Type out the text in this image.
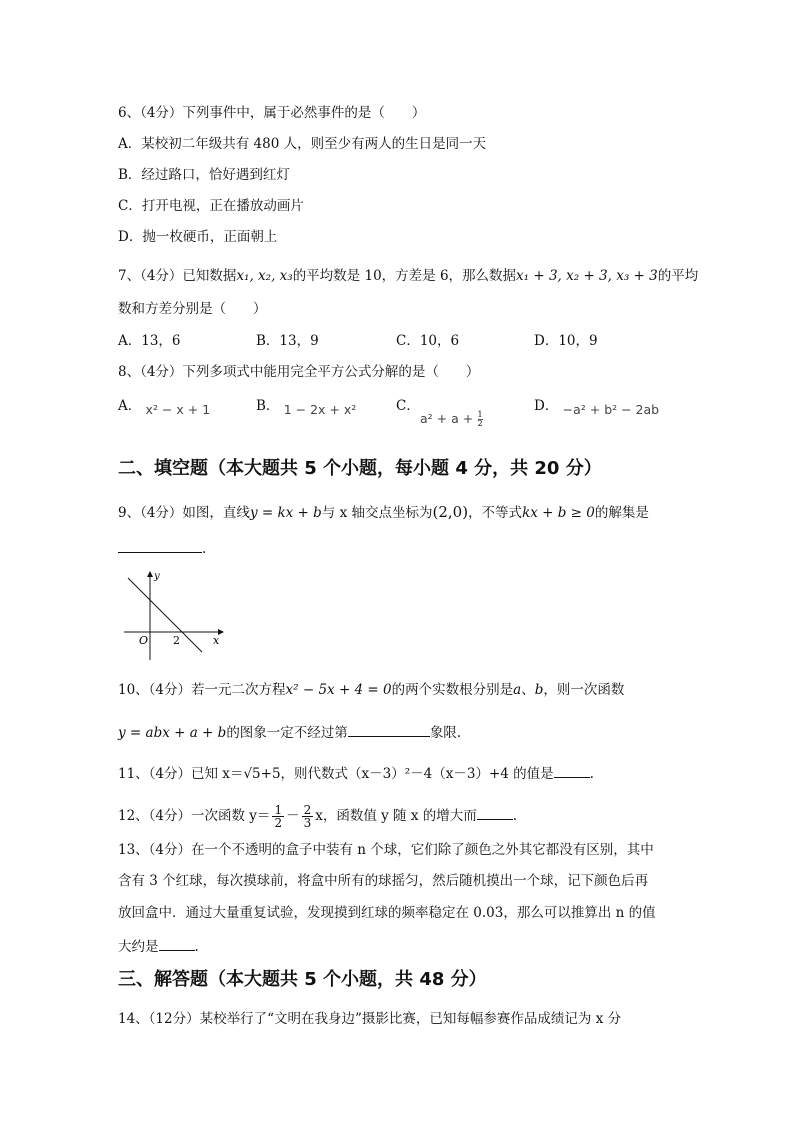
6、（4分）下列事件中，属于必然事件的是（　　）
A．某校初二年级共有 480 人，则至少有两人的生日是同一天
B．经过路口，恰好遇到红灯
C．打开电视，正在播放动画片
D．抛一枚硬币，正面朝上
7、（4分）已知数据x₁, x₂, x₃的平均数是 10，方差是 6，那么数据x₁ + 3, x₂ + 3, x₃ + 3的平均
数和方差分别是（　　）
A．13，6	B．13，9	C．10，6	D．10，9
8、（4分）下列多项式中能用完全平方公式分解的是（　　）
A． x² − x + 1	B． 1 − 2x + x²	C．
$a^2 + a + \frac{1}{2}$
D． −a² + b² − 2ab
二、填空题（本大题共 5 个小题，每小题 4 分，共 20 分）
9、（4分）如图，直线y = kx + b与 x 轴交点坐标为(2,0)，不等式kx + b ≥ 0的解集是
.
y
x
O 2
10、（4分）若一元二次方程x² − 5x + 4 = 0的两个实数根分别是a、b，则一次函数
y = abx + a + b的图象一定不经过第	象限.
11、（4分）已知 x＝√5+5，则代数式（x－3）²－4（x－3）+4 的值是	.
12、（4分）一次函数 $y= \frac{1}{2} - \frac{2}{3}$ x，函数值 y 随 x 的增大而	.
13、（4分）在一个不透明的盒子中装有 n 个球，它们除了颜色之外其它都没有区别，其中
含有 3 个红球，每次摸球前，将盒中所有的球摇匀，然后随机摸出一个球，记下颜色后再
放回盒中．通过大量重复试验，发现摸到红球的频率稳定在 0.03，那么可以推算出 n 的值
大约是	.
三、解答题（本大题共 5 个小题，共 48 分）
14、（12分）某校举行了“文明在我身边”摄影比赛，已知每幅参赛作品成绩记为 x 分
